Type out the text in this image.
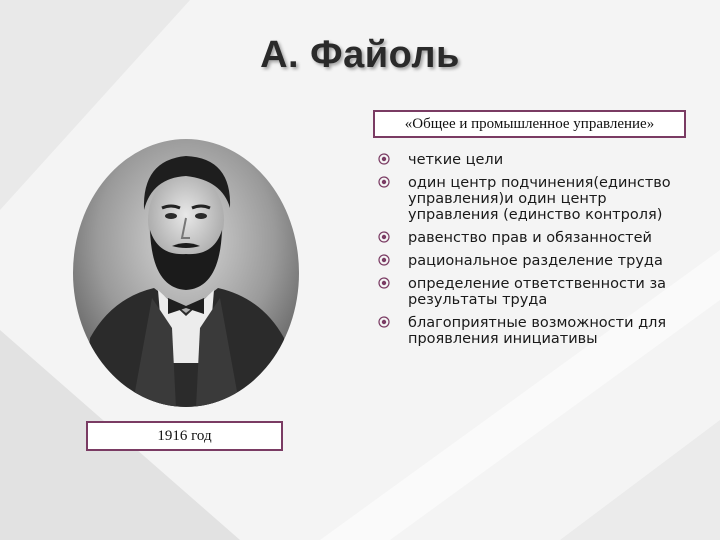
А. Файоль
«Общее и промышленное управление»
1916 год
четкие цели
один центр подчинения(единство управления)и один центр управления (единство контроля)
равенство прав и обязанностей
рациональное разделение труда
определение ответственности за результаты труда
благоприятные возможности для проявления инициативы
